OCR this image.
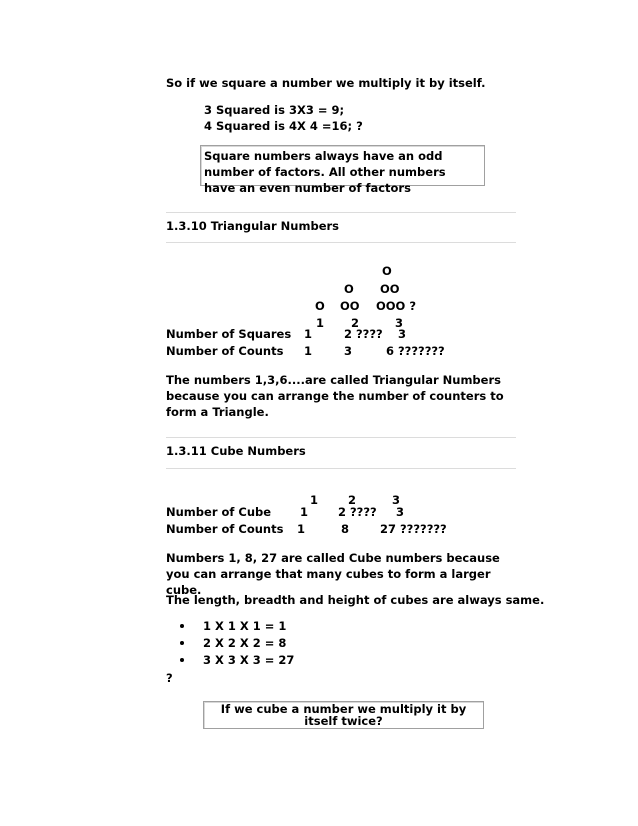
So if we square a number we multiply it by itself.
3 Squared is 3X3 = 9;
4 Squared is 4X 4 =16; ?
Square numbers always have an odd number of factors. All other numbers have an even number of factors
1.3.10 Triangular Numbers
O
O OO
O OO OOO ?
1 2	3
Number of Squares 1	2 ???? 3
Number of Counts 1	3	6 ???????
The numbers 1,3,6....are called Triangular Numbers because you can arrange the number of counters to form a Triangle.
1.3.11 Cube Numbers
1	2	3
Number of Cube	1	2 ???? 3
Number of Counts 1	8	27 ???????
Numbers 1, 8, 27 are called Cube numbers because you can arrange that many cubes to form a larger cube.
The length, breadth and height of cubes are always same.
1 X 1 X 1 = 1
2 X 2 X 2 = 8
3 X 3 X 3 = 27
?
If we cube a number we multiply it by itself twice?
